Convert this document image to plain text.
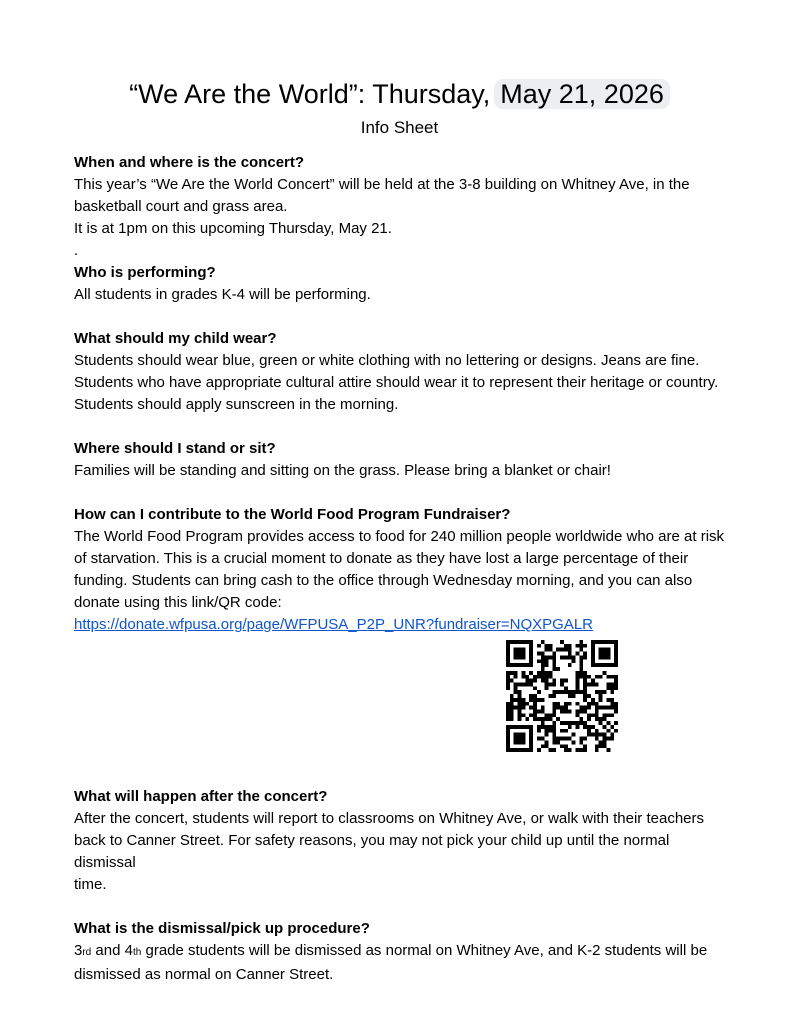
“We Are the World”: Thursday, May 21, 2026
Info Sheet

When and where is the concert?

This year’s “We Are the World Concert” will be held at the 3-8 building on Whitney Ave, in the basketball court and grass area.

It is at 1pm on this upcoming Thursday, May 21.

.

Who is performing?

All students in grades K-4 will be performing.

What should my child wear?

Students should wear blue, green or white clothing with no lettering or designs. Jeans are fine. Students who have appropriate cultural attire should wear it to represent their heritage or country. Students should apply sunscreen in the morning.

Where should I stand or sit?

Families will be standing and sitting on the grass. Please bring a blanket or chair!

How can I contribute to the World Food Program Fundraiser?

The World Food Program provides access to food for 240 million people worldwide who are at risk of starvation. This is a crucial moment to donate as they have lost a large percentage of their funding. Students can bring cash to the office through Wednesday morning, and you can also donate using this link/QR code:

https://donate.wfpusa.org/page/WFPUSA_P2P_UNR?fundraiser=NQXPGALR

What will happen after the concert?

After the concert, students will report to classrooms on Whitney Ave, or walk with their teachers back to Canner Street. For safety reasons, you may not pick your child up until the normal dismissal

time.

What is the dismissal/pick up procedure?

3rd and 4th grade students will be dismissed as normal on Whitney Ave, and K-2 students will be dismissed as normal on Canner Street.
